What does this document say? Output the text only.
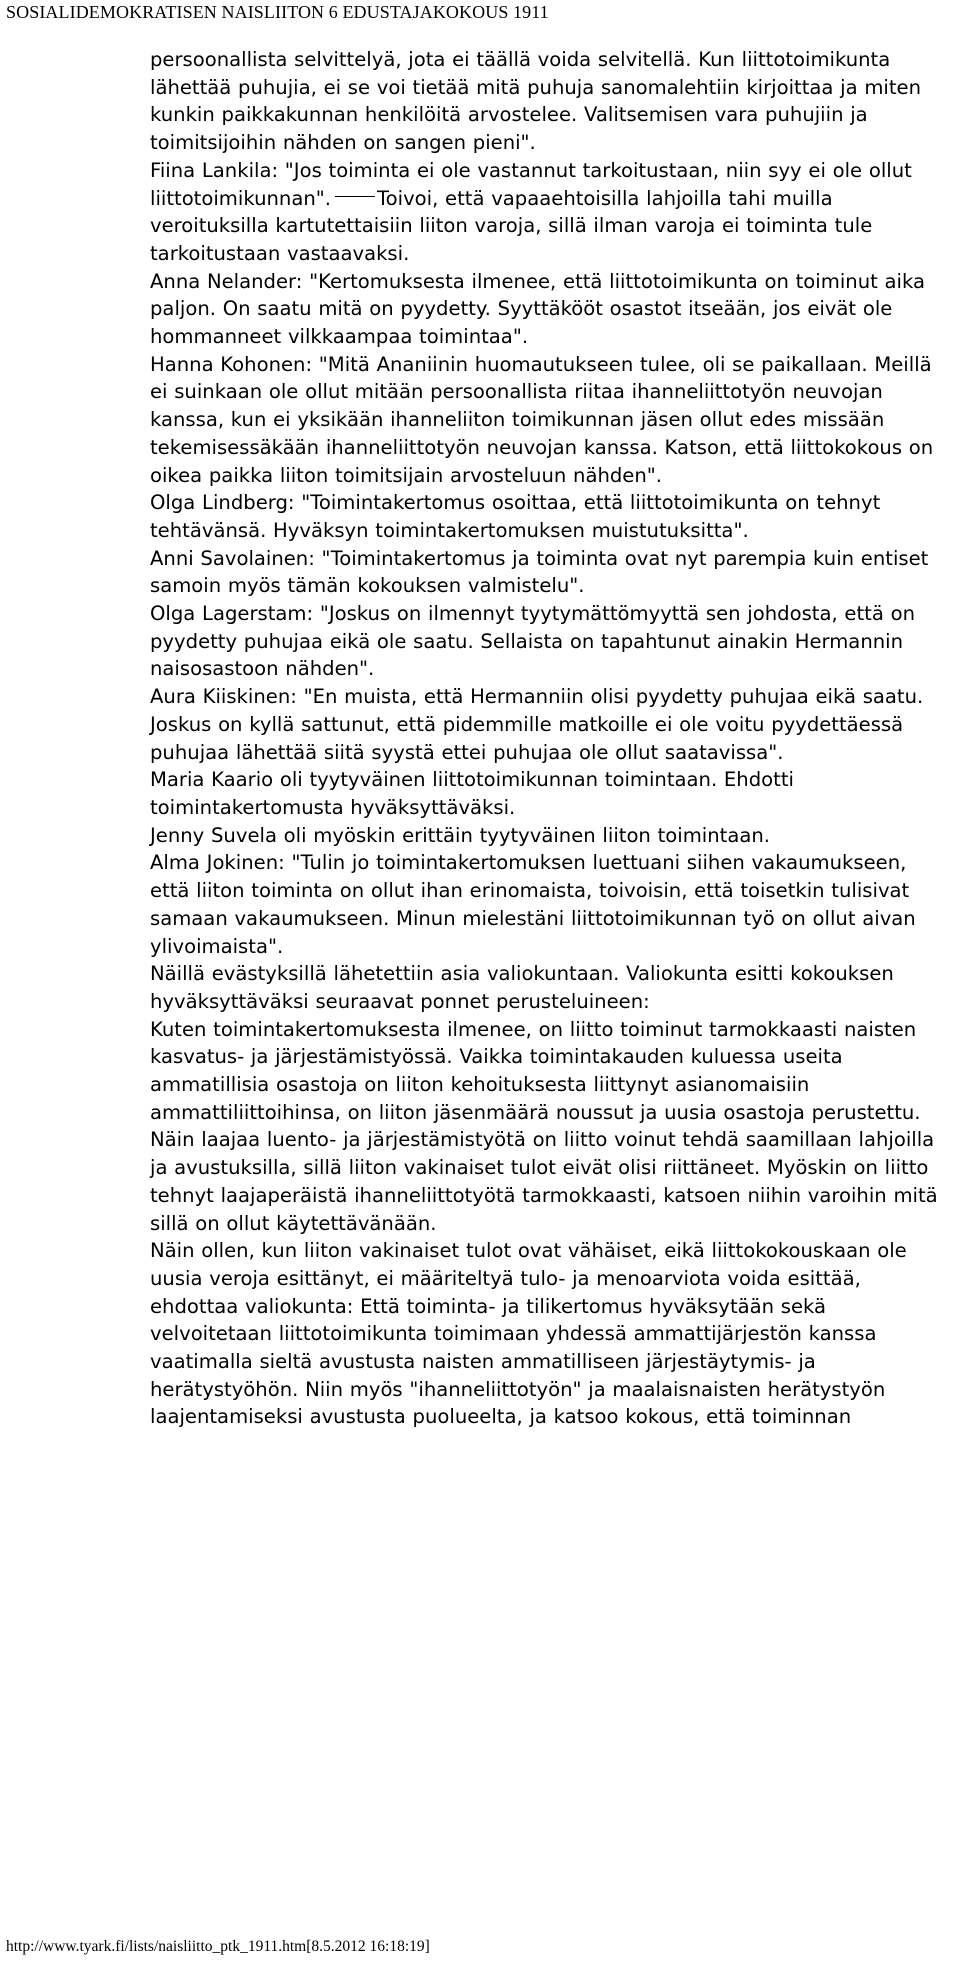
SOSIALIDEMOKRATISEN NAISLIITON 6 EDUSTAJAKOKOUS 1911

persoonallista selvittelyä, jota ei täällä voida selvitellä. Kun liittotoimikunta lähettää puhujia, ei se voi tietää mitä puhuja sanomalehtiin kirjoittaa ja miten kunkin paikkakunnan henkilöitä arvostelee. Valitsemisen vara puhujiin ja toimitsijoihin nähden on sangen pieni".

Fiina Lankila: "Jos toiminta ei ole vastannut tarkoitustaan, niin syy ei ole ollut liittotoimikunnan". Toivoi, että vapaaehtoisilla lahjoilla tahi muilla veroituksilla kartutettaisiin liiton varoja, sillä ilman varoja ei toiminta tule tarkoitustaan vastaavaksi.

Anna Nelander: "Kertomuksesta ilmenee, että liittotoimikunta on toiminut aika paljon. On saatu mitä on pyydetty. Syyttäkööt osastot itseään, jos eivät ole hommanneet vilkkaampaa toimintaa".

Hanna Kohonen: "Mitä Ananiinin huomautukseen tulee, oli se paikallaan. Meillä ei suinkaan ole ollut mitään persoonallista riitaa ihanneliittotyön neuvojan kanssa, kun ei yksikään ihanneliiton toimikunnan jäsen ollut edes missään tekemisessäkään ihanneliittotyön neuvojan kanssa. Katson, että liittokokous on oikea paikka liiton toimitsijain arvosteluun nähden".

Olga Lindberg: "Toimintakertomus osoittaa, että liittotoimikunta on tehnyt tehtävänsä. Hyväksyn toimintakertomuksen muistutuksitta".

Anni Savolainen: "Toimintakertomus ja toiminta ovat nyt parempia kuin entiset samoin myös tämän kokouksen valmistelu".

Olga Lagerstam: "Joskus on ilmennyt tyytymättömyyttä sen johdosta, että on pyydetty puhujaa eikä ole saatu. Sellaista on tapahtunut ainakin Hermannin naisosastoon nähden".

Aura Kiiskinen: "En muista, että Hermanniin olisi pyydetty puhujaa eikä saatu. Joskus on kyllä sattunut, että pidemmille matkoille ei ole voitu pyydettäessä puhujaa lähettää siitä syystä ettei puhujaa ole ollut saatavissa".

Maria Kaario oli tyytyväinen liittotoimikunnan toimintaan. Ehdotti toimintakertomusta hyväksyttäväksi.

Jenny Suvela oli myöskin erittäin tyytyväinen liiton toimintaan.

Alma Jokinen: "Tulin jo toimintakertomuksen luettuani siihen vakaumukseen, että liiton toiminta on ollut ihan erinomaista, toivoisin, että toisetkin tulisivat samaan vakaumukseen. Minun mielestäni liittotoimikunnan työ on ollut aivan ylivoimaista".

Näillä evästyksillä lähetettiin asia valiokuntaan. Valiokunta esitti kokouksen hyväksyttäväksi seuraavat ponnet perusteluineen:

Kuten toimintakertomuksesta ilmenee, on liitto toiminut tarmokkaasti naisten kasvatus- ja järjestämistyössä. Vaikka toimintakauden kuluessa useita ammatillisia osastoja on liiton kehoituksesta liittynyt asianomaisiin ammattiliittoihinsa, on liiton jäsenmäärä noussut ja uusia osastoja perustettu. Näin laajaa luento- ja järjestämistyötä on liitto voinut tehdä saamillaan lahjoilla ja avustuksilla, sillä liiton vakinaiset tulot eivät olisi riittäneet. Myöskin on liitto tehnyt laajaperäistä ihanneliittotyötä tarmokkaasti, katsoen niihin varoihin mitä sillä on ollut käytettävänään.

Näin ollen, kun liiton vakinaiset tulot ovat vähäiset, eikä liittokokouskaan ole uusia veroja esittänyt, ei määriteltyä tulo- ja menoarviota voida esittää, ehdottaa valiokunta: Että toiminta- ja tilikertomus hyväksytään sekä

velvoitetaan liittotoimikunta toimimaan yhdessä ammattijärjestön kanssa vaatimalla sieltä avustusta naisten ammatilliseen järjestäytymis- ja herätystyöhön. Niin myös "ihanneliittotyön" ja maalaisnaisten herätystyön laajentamiseksi avustusta puolueelta, ja katsoo kokous, että toiminnan

http://www.tyark.fi/lists/naisliitto_ptk_1911.htm[8.5.2012 16:18:19]
